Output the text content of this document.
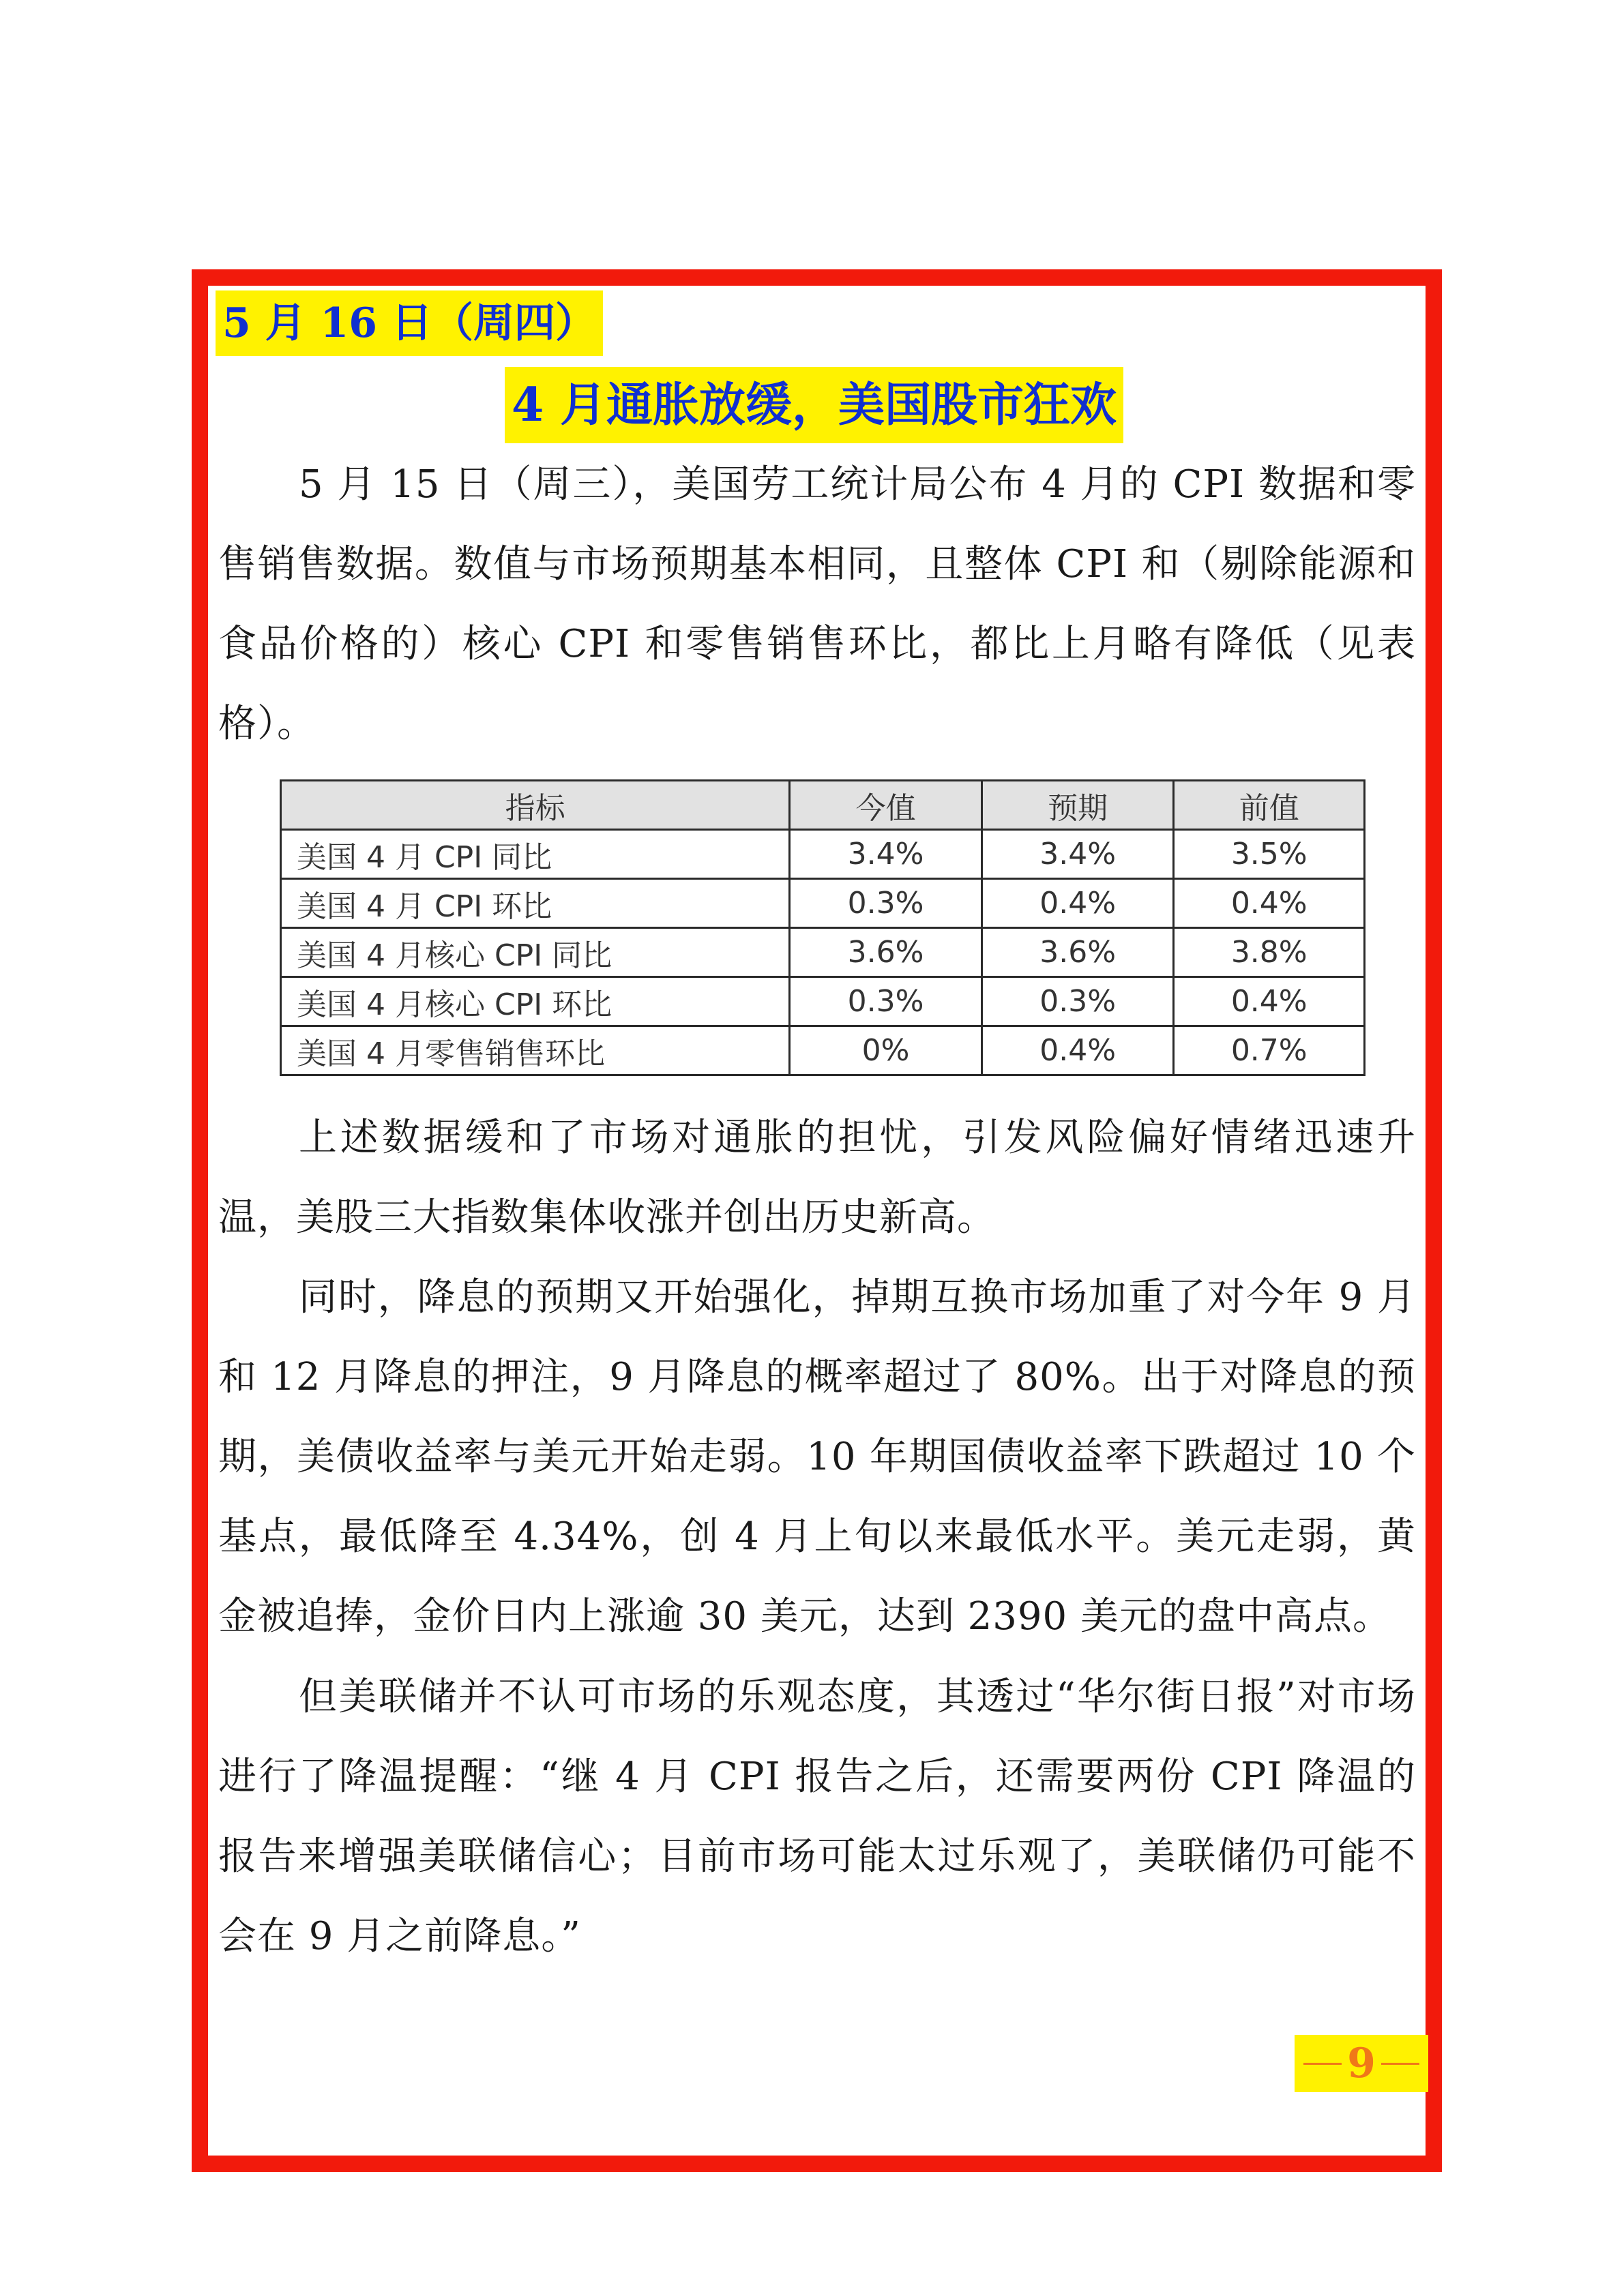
5 月 16 日（周四）
4 月通胀放缓，美国股市狂欢

5 月 15 日（周三），美国劳工统计局公布 4 月的 CPI 数据和零售销售数据。数值与市场预期基本相同，且整体 CPI 和（剔除能源和食品价格的）核心 CPI 和零售销售环比，都比上月略有降低（见表格）。

指标	今值	预期	前值
美国 4 月 CPI 同比	3.4%	3.4%	3.5%
美国 4 月 CPI 环比	0.3%	0.4%	0.4%
美国 4 月核心 CPI 同比	3.6%	3.6%	3.8%
美国 4 月核心 CPI 环比	0.3%	0.3%	0.4%
美国 4 月零售销售环比	0%	0.4%	0.7%

上述数据缓和了市场对通胀的担忧，引发风险偏好情绪迅速升温，美股三大指数集体收涨并创出历史新高。

同时，降息的预期又开始强化，掉期互换市场加重了对今年 9 月和 12 月降息的押注，9 月降息的概率超过了 80%。出于对降息的预期，美债收益率与美元开始走弱。10 年期国债收益率下跌超过 10 个基点，最低降至 4.34%，创 4 月上旬以来最低水平。美元走弱，黄金被追捧，金价日内上涨逾 30 美元，达到 2390 美元的盘中高点。

但美联储并不认可市场的乐观态度，其透过“华尔街日报”对市场进行了降温提醒：“继 4 月 CPI 报告之后，还需要两份 CPI 降温的报告来增强美联储信心；目前市场可能太过乐观了，美联储仍可能不会在 9 月之前降息。”

9
